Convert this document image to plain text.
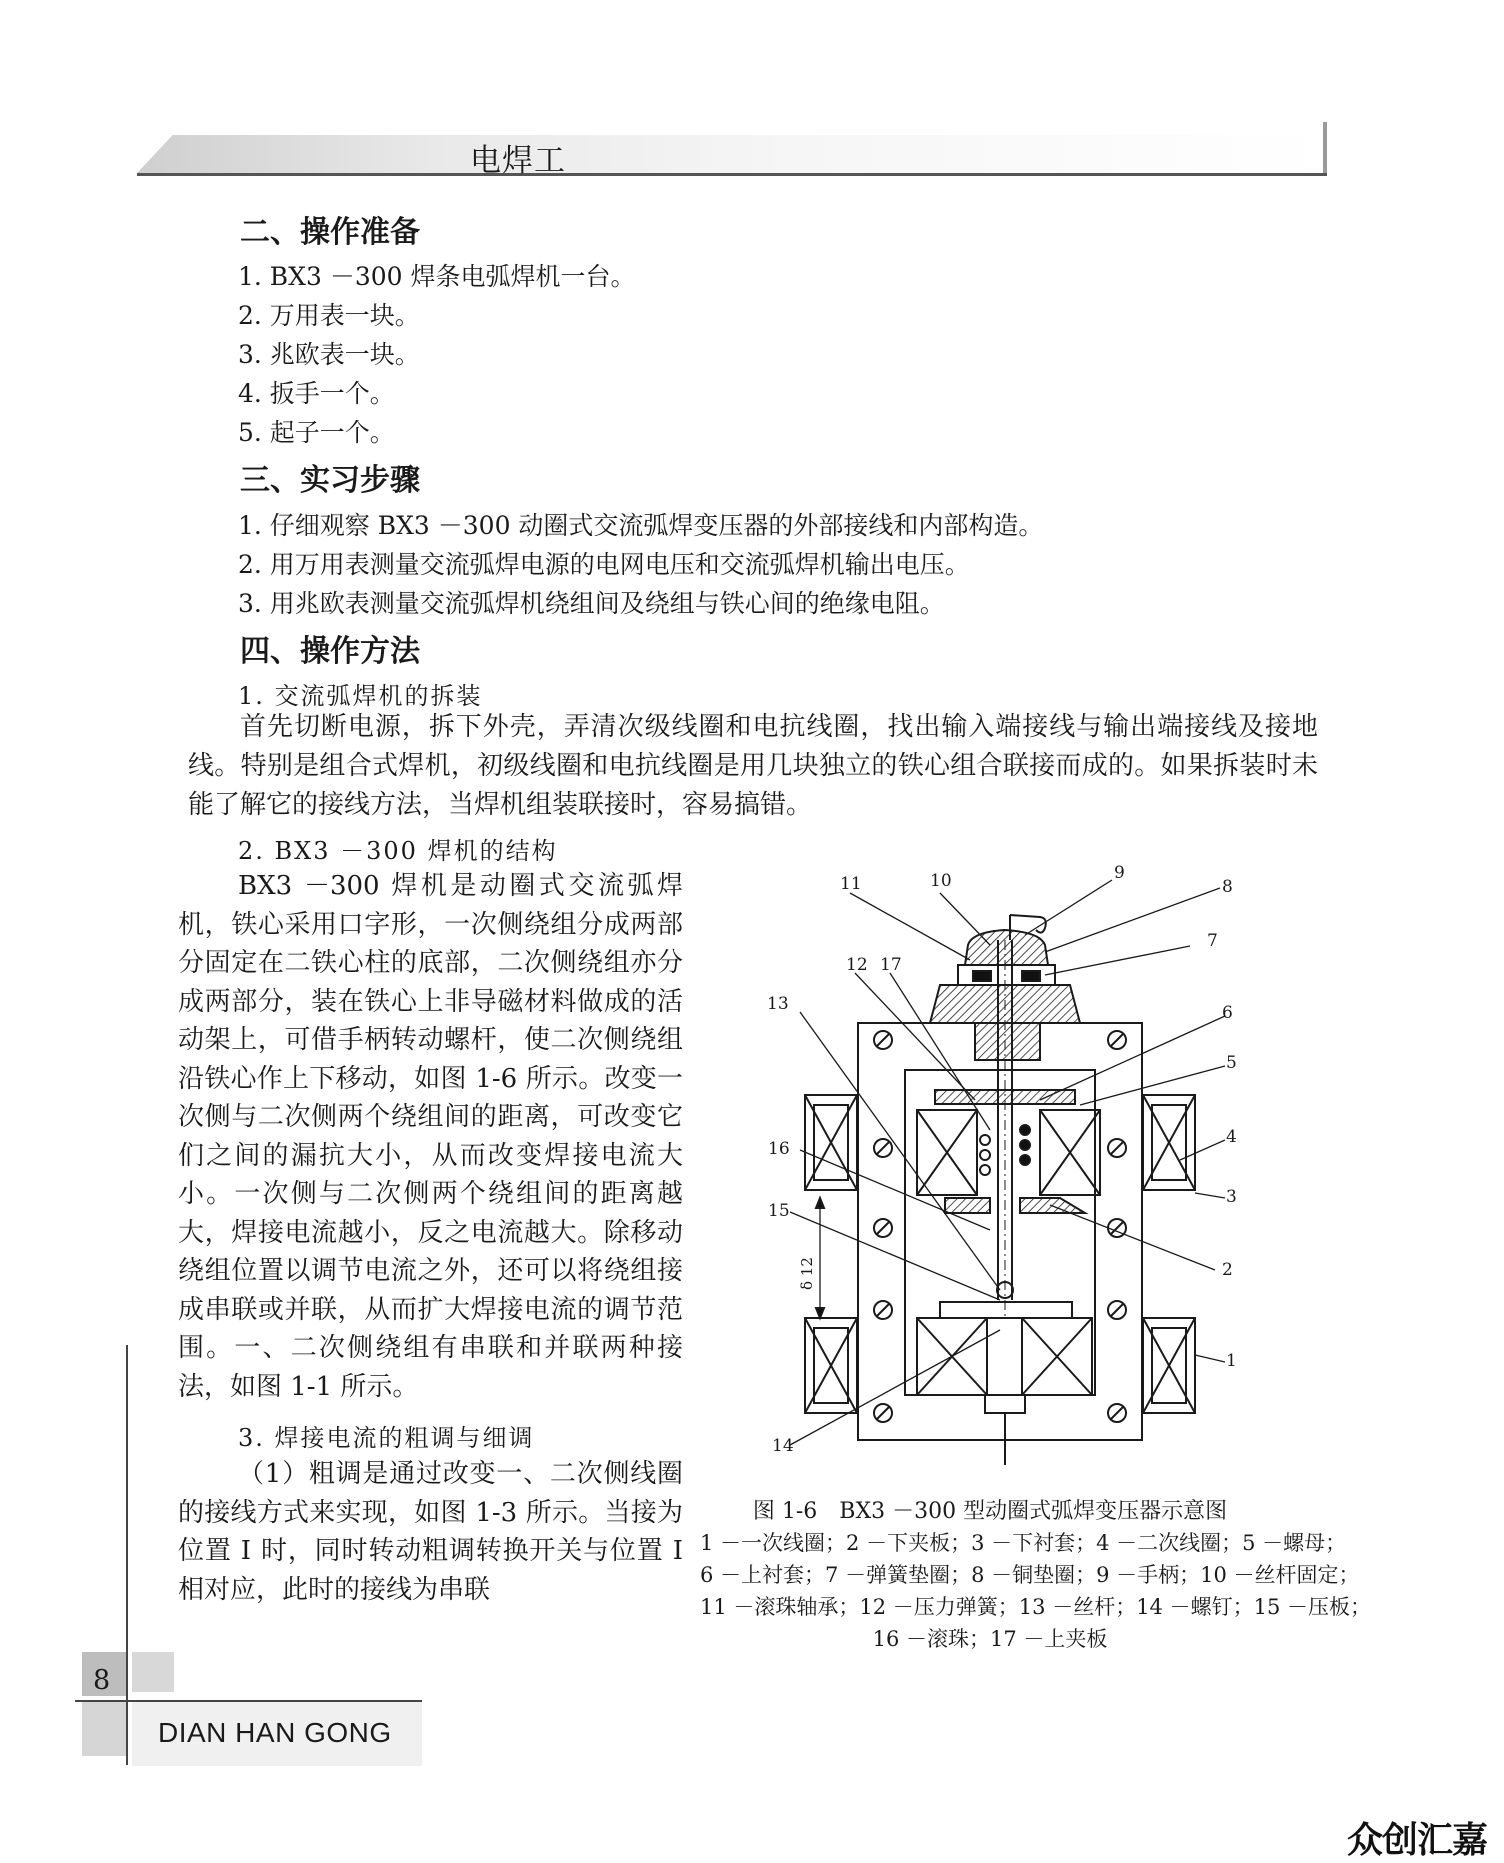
电焊工
二、操作准备
1. BX3 －300 焊条电弧焊机一台。
2. 万用表一块。
3. 兆欧表一块。
4. 扳手一个。
5. 起子一个。
三、实习步骤
1. 仔细观察 BX3 －300 动圈式交流弧焊变压器的外部接线和内部构造。
2. 用万用表测量交流弧焊电源的电网电压和交流弧焊机输出电压。
3. 用兆欧表测量交流弧焊机绕组间及绕组与铁心间的绝缘电阻。
四、操作方法
1. 交流弧焊机的拆装
首先切断电源，拆下外壳，弄清次级线圈和电抗线圈，找出输入端接线与输出端接线及接地线。特别是组合式焊机，初级线圈和电抗线圈是用几块独立的铁心组合联接而成的。如果拆装时未能了解它的接线方法，当焊机组装联接时，容易搞错。
2. BX3 －300 焊机的结构
BX3 －300 焊机是动圈式交流弧焊机，铁心采用口字形，一次侧绕组分成两部分固定在二铁心柱的底部，二次侧绕组亦分成两部分，装在铁心上非导磁材料做成的活动架上，可借手柄转动螺杆，使二次侧绕组沿铁心作上下移动，如图 1-6 所示。改变一次侧与二次侧两个绕组间的距离，可改变它们之间的漏抗大小，从而改变焊接电流大小。一次侧与二次侧两个绕组间的距离越大，焊接电流越小，反之电流越大。除移动绕组位置以调节电流之外，还可以将绕组接成串联或并联，从而扩大焊接电流的调节范围。一、二次侧绕组有串联和并联两种接法，如图 1-1 所示。
3. 焊接电流的粗调与细调
（1）粗调是通过改变一、二次侧线圈的接线方式来实现，如图 1-3 所示。当接为位置 Ⅰ 时，同时转动粗调转换开关与位置 Ⅰ 相对应，此时的接线为串联
11	10	9
8
7
12 17
13	6
5
4
16
3
15
2
δ 12
1
14
图 1-6　BX3 －300 型动圈式弧焊变压器示意图
1 －一次线圈；2 －下夹板；3 －下衬套；4 －二次线圈；5 －螺母；
6 －上衬套；7 －弹簧垫圈；8 －铜垫圈；9 －手柄；10 －丝杆固定；
11 －滚珠轴承；12 －压力弹簧；13 －丝杆；14 －螺钉；15 －压板；
16 －滚珠；17 －上夹板
8
DIAN HAN GONG
众创汇嘉
